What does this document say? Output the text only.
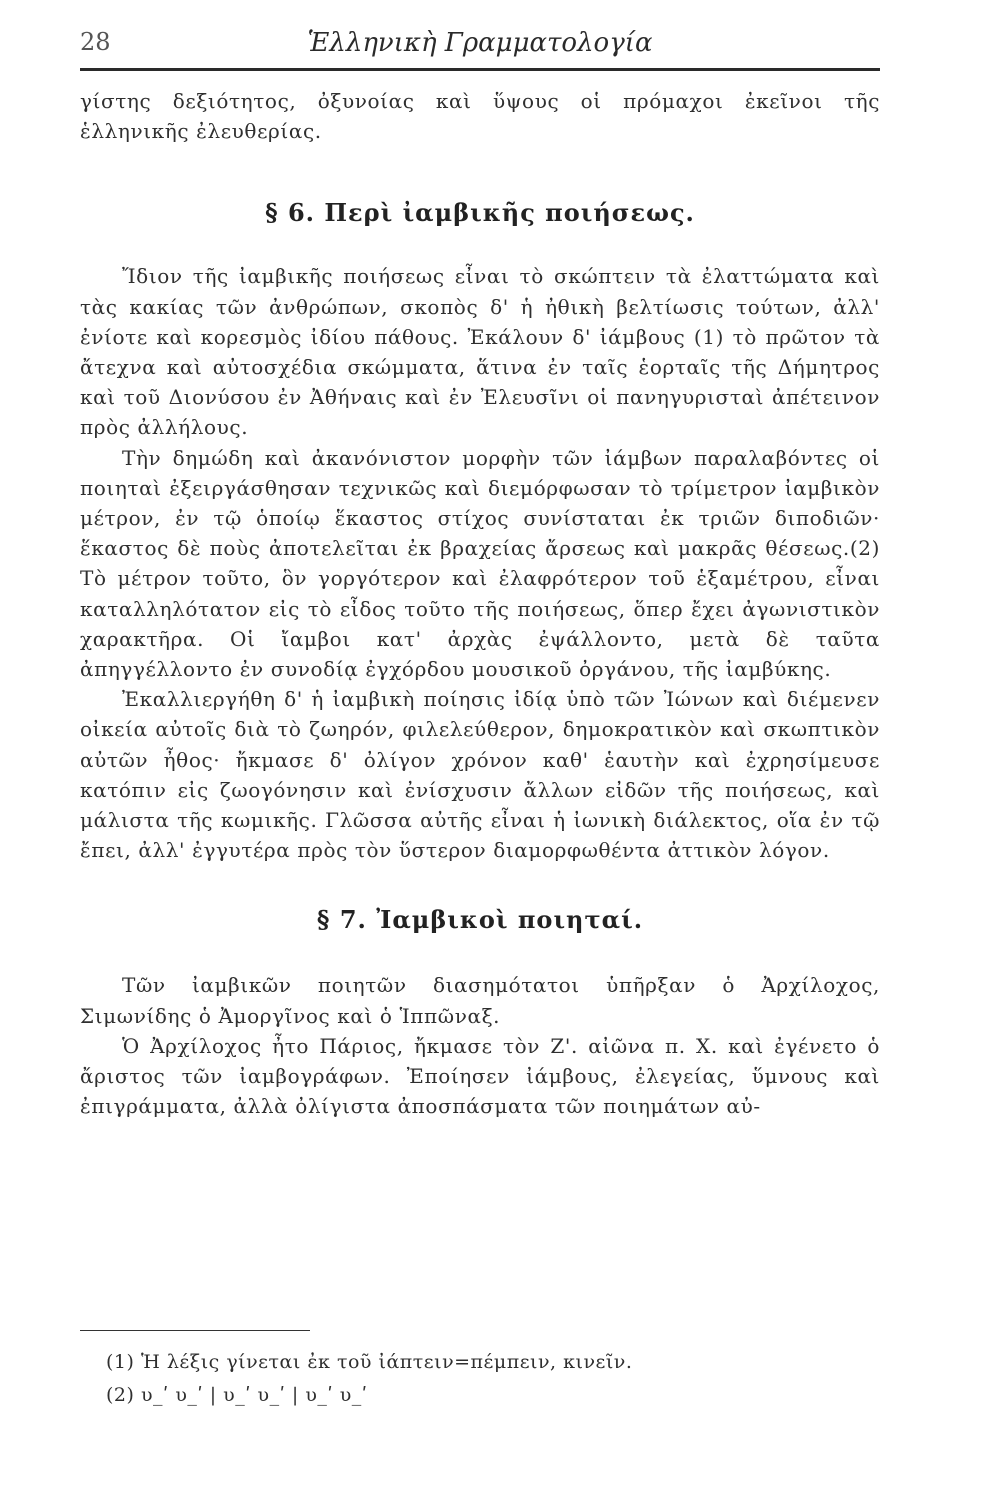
28	Ἑλληνικὴ Γραμματολογία

γίστης δεξιότητος, ὀξυνοίας καὶ ὕψους οἱ πρόμαχοι ἐκεῖνοι τῆς ἑλληνικῆς ἐλευθερίας.

§ 6. Περὶ ἰαμβικῆς ποιήσεως.

Ἴδιον τῆς ἰαμβικῆς ποιήσεως εἶναι τὸ σκώπτειν τὰ ἐλαττώματα καὶ τὰς κακίας τῶν ἀνθρώπων, σκοπὸς δ' ἡ ἠθικὴ βελτίωσις τούτων, ἀλλ' ἐνίοτε καὶ κορεσμὸς ἰδίου πάθους. Ἐκάλουν δ' ἰάμβους (1) τὸ πρῶτον τὰ ἄτεχνα καὶ αὐτοσχέδια σκώμματα, ἅτινα ἐν ταῖς ἑορταῖς τῆς Δήμητρος καὶ τοῦ Διονύσου ἐν Ἀθήναις καὶ ἐν Ἐλευσῖνι οἱ πανηγυρισταὶ ἀπέτεινον πρὸς ἀλλήλους.

Τὴν δημώδη καὶ ἀκανόνιστον μορφὴν τῶν ἰάμβων παραλαβόντες οἱ ποιηταὶ ἐξειργάσθησαν τεχνικῶς καὶ διεμόρφωσαν τὸ τρίμετρον ἰαμβικὸν μέτρον, ἐν τῷ ὁποίῳ ἕκαστος στίχος συνίσταται ἐκ τριῶν διποδιῶν· ἕκαστος δὲ ποὺς ἀποτελεῖται ἐκ βραχείας ἄρσεως καὶ μακρᾶς θέσεως.(2) Τὸ μέτρον τοῦτο, ὃν γοργότερον καὶ ἐλαφρότερον τοῦ ἑξαμέτρου, εἶναι καταλληλότατον εἰς τὸ εἶδος τοῦτο τῆς ποιήσεως, ὅπερ ἔχει ἀγωνιστικὸν χαρακτῆρα. Οἱ ἴαμβοι κατ' ἀρχὰς ἐψάλλοντο, μετὰ δὲ ταῦτα ἀπηγγέλλοντο ἐν συνοδίᾳ ἐγχόρδου μουσικοῦ ὀργάνου, τῆς ἰαμβύκης.

Ἐκαλλιεργήθη δ' ἡ ἰαμβικὴ ποίησις ἰδίᾳ ὑπὸ τῶν Ἰώνων καὶ διέμενεν οἰκεία αὐτοῖς διὰ τὸ ζωηρόν, φιλελεύθερον, δημοκρατικὸν καὶ σκωπτικὸν αὐτῶν ἦθος· ἤκμασε δ' ὀλίγον χρόνον καθ' ἑαυτὴν καὶ ἐχρησίμευσε κατόπιν εἰς ζωογόνησιν καὶ ἐνίσχυσιν ἄλλων εἰδῶν τῆς ποιήσεως, καὶ μάλιστα τῆς κωμικῆς. Γλῶσσα αὐτῆς εἶναι ἡ ἰωνικὴ διάλεκτος, οἵα ἐν τῷ ἔπει, ἀλλ' ἐγγυτέρα πρὸς τὸν ὕστερον διαμορφωθέντα ἀττικὸν λόγον.

§ 7. Ἰαμβικοὶ ποιηταί.

Τῶν ἰαμβικῶν ποιητῶν διασημότατοι ὑπῆρξαν ὁ Ἀρχίλοχος, Σιμωνίδης ὁ Ἀμοργῖνος καὶ ὁ Ἱππῶναξ.

Ὁ Ἀρχίλοχος ἦτο Πάριος, ἤκμασε τὸν Ζ'. αἰῶνα π. Χ. καὶ ἐγένετο ὁ ἄριστος τῶν ἰαμβογράφων. Ἐποίησεν ἰάμβους, ἐλεγείας, ὕμνους καὶ ἐπιγράμματα, ἀλλὰ ὀλίγιστα ἀποσπάσματα τῶν ποιημάτων αὐ-

(1) Ἡ λέξις γίνεται ἐκ τοῦ ἰάπτειν=πέμπειν, κινεῖν.

(2) υ_ʹ υ_ʹ | υ_ʹ υ_ʹ | υ_ʹ υ_ʹ
